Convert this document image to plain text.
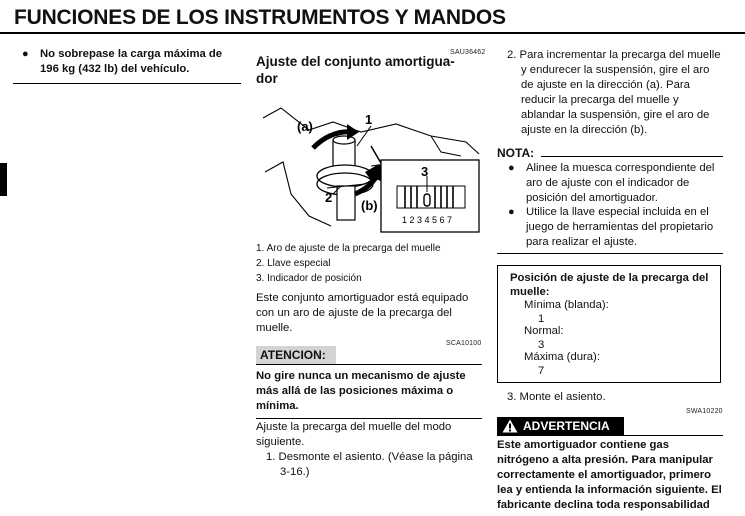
FUNCIONES DE LOS INSTRUMENTOS Y MANDOS
●	No sobrepase la carga máxima de 196 kg (432 lb) del vehículo.
SAU36462
Ajuste del conjunto amortigua-dor
(a)	1
2
(b)
3
1 2 3 4 5 6 7
1. Aro de ajuste de la precarga del muelle
2. Llave especial
3. Indicador de posición
Este conjunto amortiguador está equipado con un aro de ajuste de la precarga del muelle.
SCA10100
ATENCION:
No gire nunca un mecanismo de ajuste más allá de las posiciones máxima o mínima.
Ajuste la precarga del muelle del modo siguiente.
1. Desmonte el asiento. (Véase la página 3-16.)
2. Para incrementar la precarga del muelle y endurecer la suspensión, gire el aro de ajuste en la dirección (a). Para reducir la precarga del muelle y ablandar la suspensión, gire el aro de ajuste en la dirección (b).
NOTA:
●	Alinee la muesca correspondiente del aro de ajuste con el indicador de posición del amortiguador.
●	Utilice la llave especial incluida en el juego de herramientas del propietario para realizar el ajuste.
Posición de ajuste de la precarga del muelle:
Mínima (blanda):
1
Normal:
3
Máxima (dura):
7
3. Monte el asiento.
SWA10220
ADVERTENCIA
Este amortiguador contiene gas nitrógeno a alta presión. Para manipular correctamente el amortiguador, primero lea y entienda la información siguiente. El fabricante declina toda responsabilidad
